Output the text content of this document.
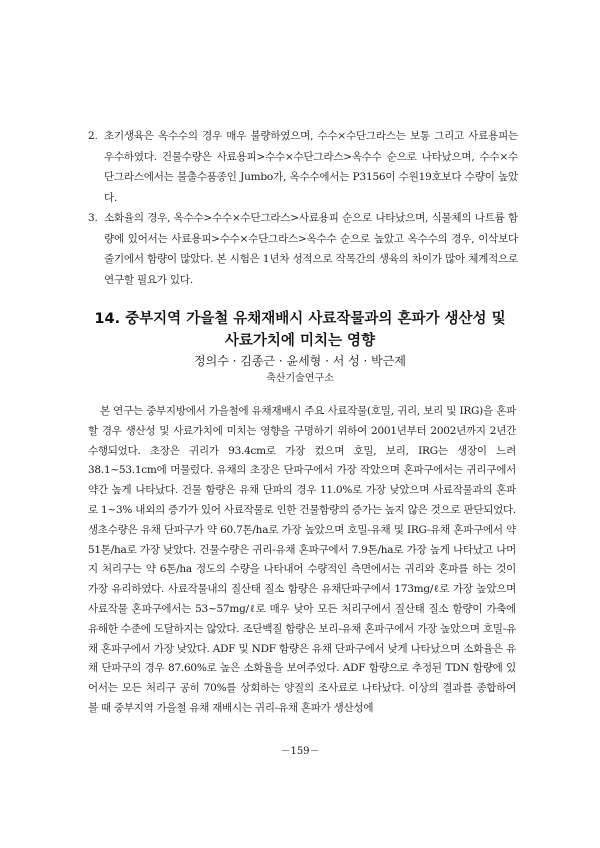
2. 초기생육은 옥수수의 경우 매우 불량하였으며, 수수×수단그라스는 보통 그리고 사료용피는 우수하였다. 건물수량은 사료용피>수수×수단그라스>옥수수 순으로 나타났으며, 수수×수단그라스에서는 불출수품종인 Jumbo가, 옥수수에서는 P3156이 수원19호보다 수량이 높았다.
3. 소화율의 경우, 옥수수>수수×수단그라스>사료용피 순으로 나타났으며, 식물체의 나트륨 함량에 있어서는 사료용피>수수×수단그라스>옥수수 순으로 높았고 옥수수의 경우, 이삭보다줄기에서 함량이 많았다. 본 시험은 1년차 성적으로 작목간의 생육의 차이가 많아 체계적으로 연구할 필요가 있다.
14. 중부지역 가을철 유채재배시 사료작물과의 혼파가 생산성 및
사료가치에 미치는 영향
정의수 · 김종근 · 윤세형 · 서 성 · 박근제
축산기술연구소

본 연구는 중부지방에서 가을철에 유채재배시 주요 사료작물(호밀, 귀리, 보리 및 IRG)을 혼파할 경우 생산성 및 사료가치에 미치는 영향을 구명하기 위하여 2001년부터 2002년까지 2년간 수행되었다. 초장은 귀리가 93.4cm로 가장 컸으며 호밀, 보리, IRG는 생장이 느려 38.1~53.1cm에 머물렀다. 유채의 초장은 단파구에서 가장 작았으며 혼파구에서는 귀리구에서 약간 높게 나타났다. 건물 함량은 유채 단파의 경우 11.0%로 가장 낮았으며 사료작물과의 혼파로 1~3% 내외의 증가가 있어 사료작물로 인한 건물함량의 증가는 높지 않은 것으로 판단되었다. 생초수량은 유채 단파구가 약 60.7톤/ha로 가장 높았으며 호밀-유채 및 IRG-유채 혼파구에서 약 51톤/ha로 가장 낮았다. 건물수량은 귀리-유채 혼파구에서 7.9톤/ha로 가장 높게 나타났고 나머지 처리구는 약 6톤/ha 정도의 수량을 나타내어 수량적인 측면에서는 귀리와 혼파를 하는 것이 가장 유리하였다. 사료작물내의 질산태 질소 함량은 유채단파구에서 173mg/ℓ로 가장 높았으며 사료작물 혼파구에서는 53~57mg/ℓ로 매우 낮아 모든 처리구에서 질산태 질소 함량이 가축에 유해한 수준에 도달하지는 않았다. 조단백질 함량은 보리-유채 혼파구에서 가장 높았으며 호밀-유채 혼파구에서 가장 낮았다. ADF 및 NDF 함량은 유채 단파구에서 낮게 나타났으며 소화율은 유채 단파구의 경우 87.60%로 높은 소화율을 보여주었다. ADF 함량으로 추정된 TDN 함량에 있어서는 모든 처리구 공히 70%를 상회하는 양질의 조사료로 나타났다. 이상의 결과를 종합하여 볼 때 중부지역 가을철 유채 재배시는 귀리-유채 혼파가 생산성에

－159－
